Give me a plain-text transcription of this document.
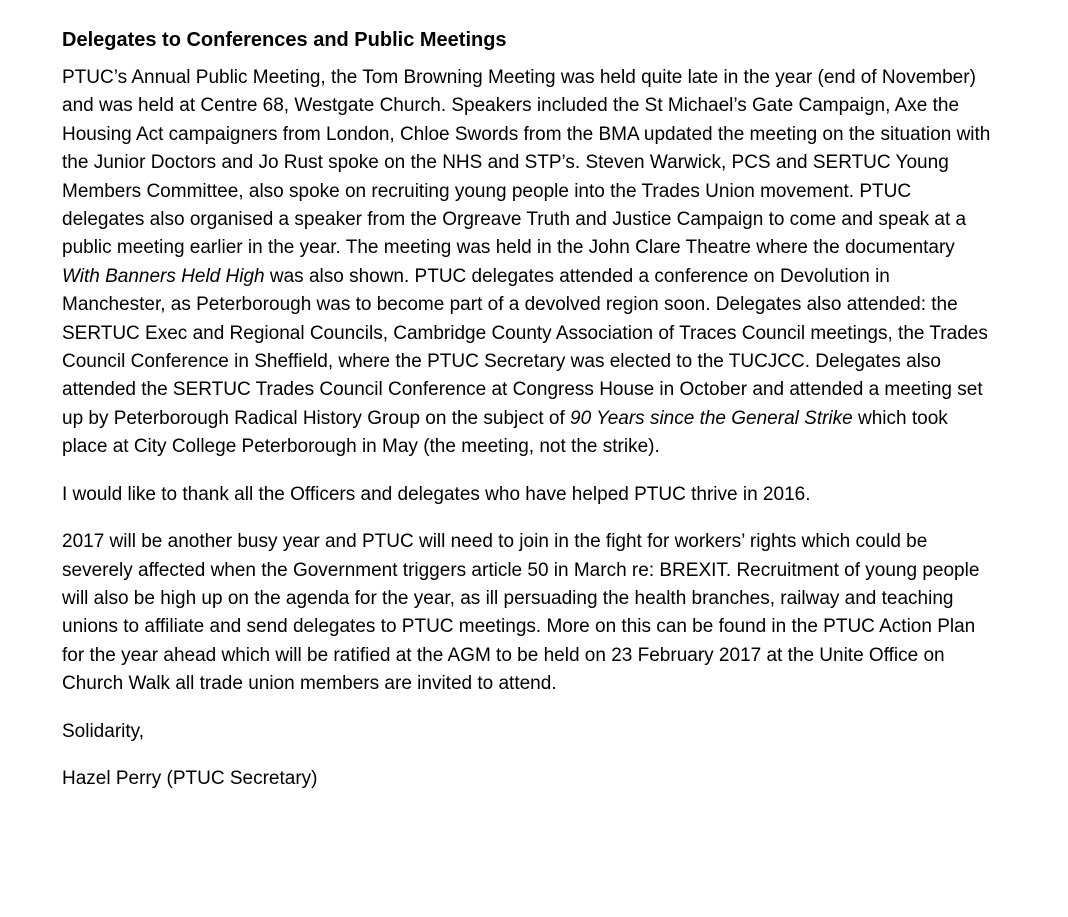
Delegates to Conferences and Public Meetings

PTUC’s Annual Public Meeting, the Tom Browning Meeting was held quite late in the year (end of November) and was held at Centre 68, Westgate Church. Speakers included the St Michael’s Gate Campaign, Axe the Housing Act campaigners from London, Chloe Swords from the BMA updated the meeting on the situation with the Junior Doctors and Jo Rust spoke on the NHS and STP’s. Steven Warwick, PCS and SERTUC Young Members Committee, also spoke on recruiting young people into the Trades Union movement. PTUC delegates also organised a speaker from the Orgreave Truth and Justice Campaign to come and speak at a public meeting earlier in the year. The meeting was held in the John Clare Theatre where the documentary With Banners Held High was also shown. PTUC delegates attended a conference on Devolution in Manchester, as Peterborough was to become part of a devolved region soon. Delegates also attended: the SERTUC Exec and Regional Councils, Cambridge County Association of Traces Council meetings, the Trades Council Conference in Sheffield, where the PTUC Secretary was elected to the TUCJCC. Delegates also attended the SERTUC Trades Council Conference at Congress House in October and attended a meeting set up by Peterborough Radical History Group on the subject of 90 Years since the General Strike which took place at City College Peterborough in May (the meeting, not the strike).

I would like to thank all the Officers and delegates who have helped PTUC thrive in 2016.

2017 will be another busy year and PTUC will need to join in the fight for workers’ rights which could be severely affected when the Government triggers article 50 in March re: BREXIT. Recruitment of young people will also be high up on the agenda for the year, as ill persuading the health branches, railway and teaching unions to affiliate and send delegates to PTUC meetings. More on this can be found in the PTUC Action Plan for the year ahead which will be ratified at the AGM to be held on 23 February 2017 at the Unite Office on Church Walk all trade union members are invited to attend.

Solidarity,

Hazel Perry (PTUC Secretary)
